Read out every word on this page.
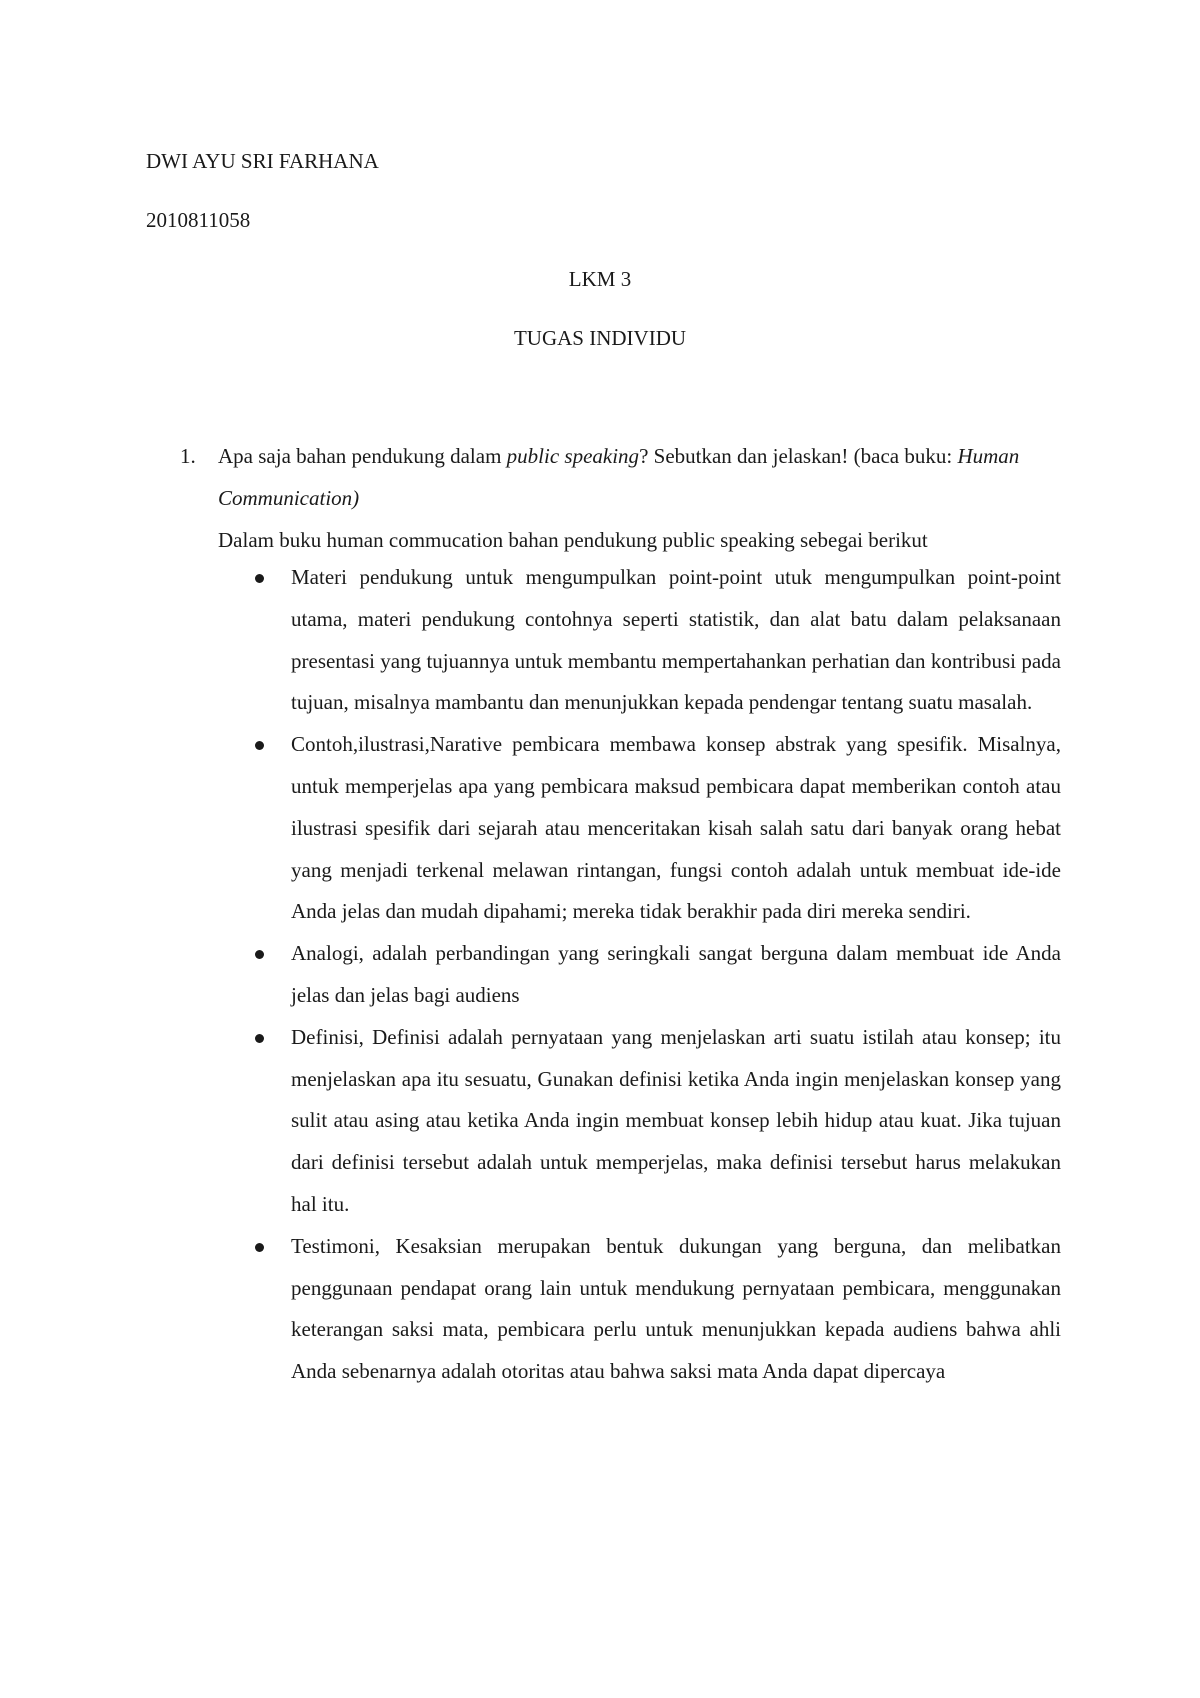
DWI AYU SRI FARHANA
2010811058
LKM 3
TUGAS INDIVIDU
1. Apa saja bahan pendukung dalam public speaking? Sebutkan dan jelaskan! (baca buku: Human Communication)
Dalam buku human commucation bahan pendukung public speaking sebegai berikut
Materi pendukung untuk mengumpulkan point-point utuk mengumpulkan point-point utama, materi pendukung contohnya seperti statistik, dan alat batu dalam pelaksanaan presentasi yang tujuannya untuk membantu mempertahankan perhatian dan kontribusi pada tujuan, misalnya mambantu dan menunjukkan kepada pendengar tentang suatu masalah.
Contoh,ilustrasi,Narative pembicara membawa konsep abstrak yang spesifik. Misalnya, untuk memperjelas apa yang pembicara maksud pembicara dapat memberikan contoh atau ilustrasi spesifik dari sejarah atau menceritakan kisah salah satu dari banyak orang hebat yang menjadi terkenal melawan rintangan, fungsi contoh adalah untuk membuat ide-ide Anda jelas dan mudah dipahami; mereka tidak berakhir pada diri mereka sendiri.
Analogi, adalah perbandingan yang seringkali sangat berguna dalam membuat ide Anda jelas dan jelas bagi audiens
Definisi, Definisi adalah pernyataan yang menjelaskan arti suatu istilah atau konsep; itu menjelaskan apa itu sesuatu, Gunakan definisi ketika Anda ingin menjelaskan konsep yang sulit atau asing atau ketika Anda ingin membuat konsep lebih hidup atau kuat. Jika tujuan dari definisi tersebut adalah untuk memperjelas, maka definisi tersebut harus melakukan hal itu.
Testimoni, Kesaksian merupakan bentuk dukungan yang berguna, dan melibatkan penggunaan pendapat orang lain untuk mendukung pernyataan pembicara, menggunakan keterangan saksi mata, pembicara perlu untuk menunjukkan kepada audiens bahwa ahli Anda sebenarnya adalah otoritas atau bahwa saksi mata Anda dapat dipercaya
